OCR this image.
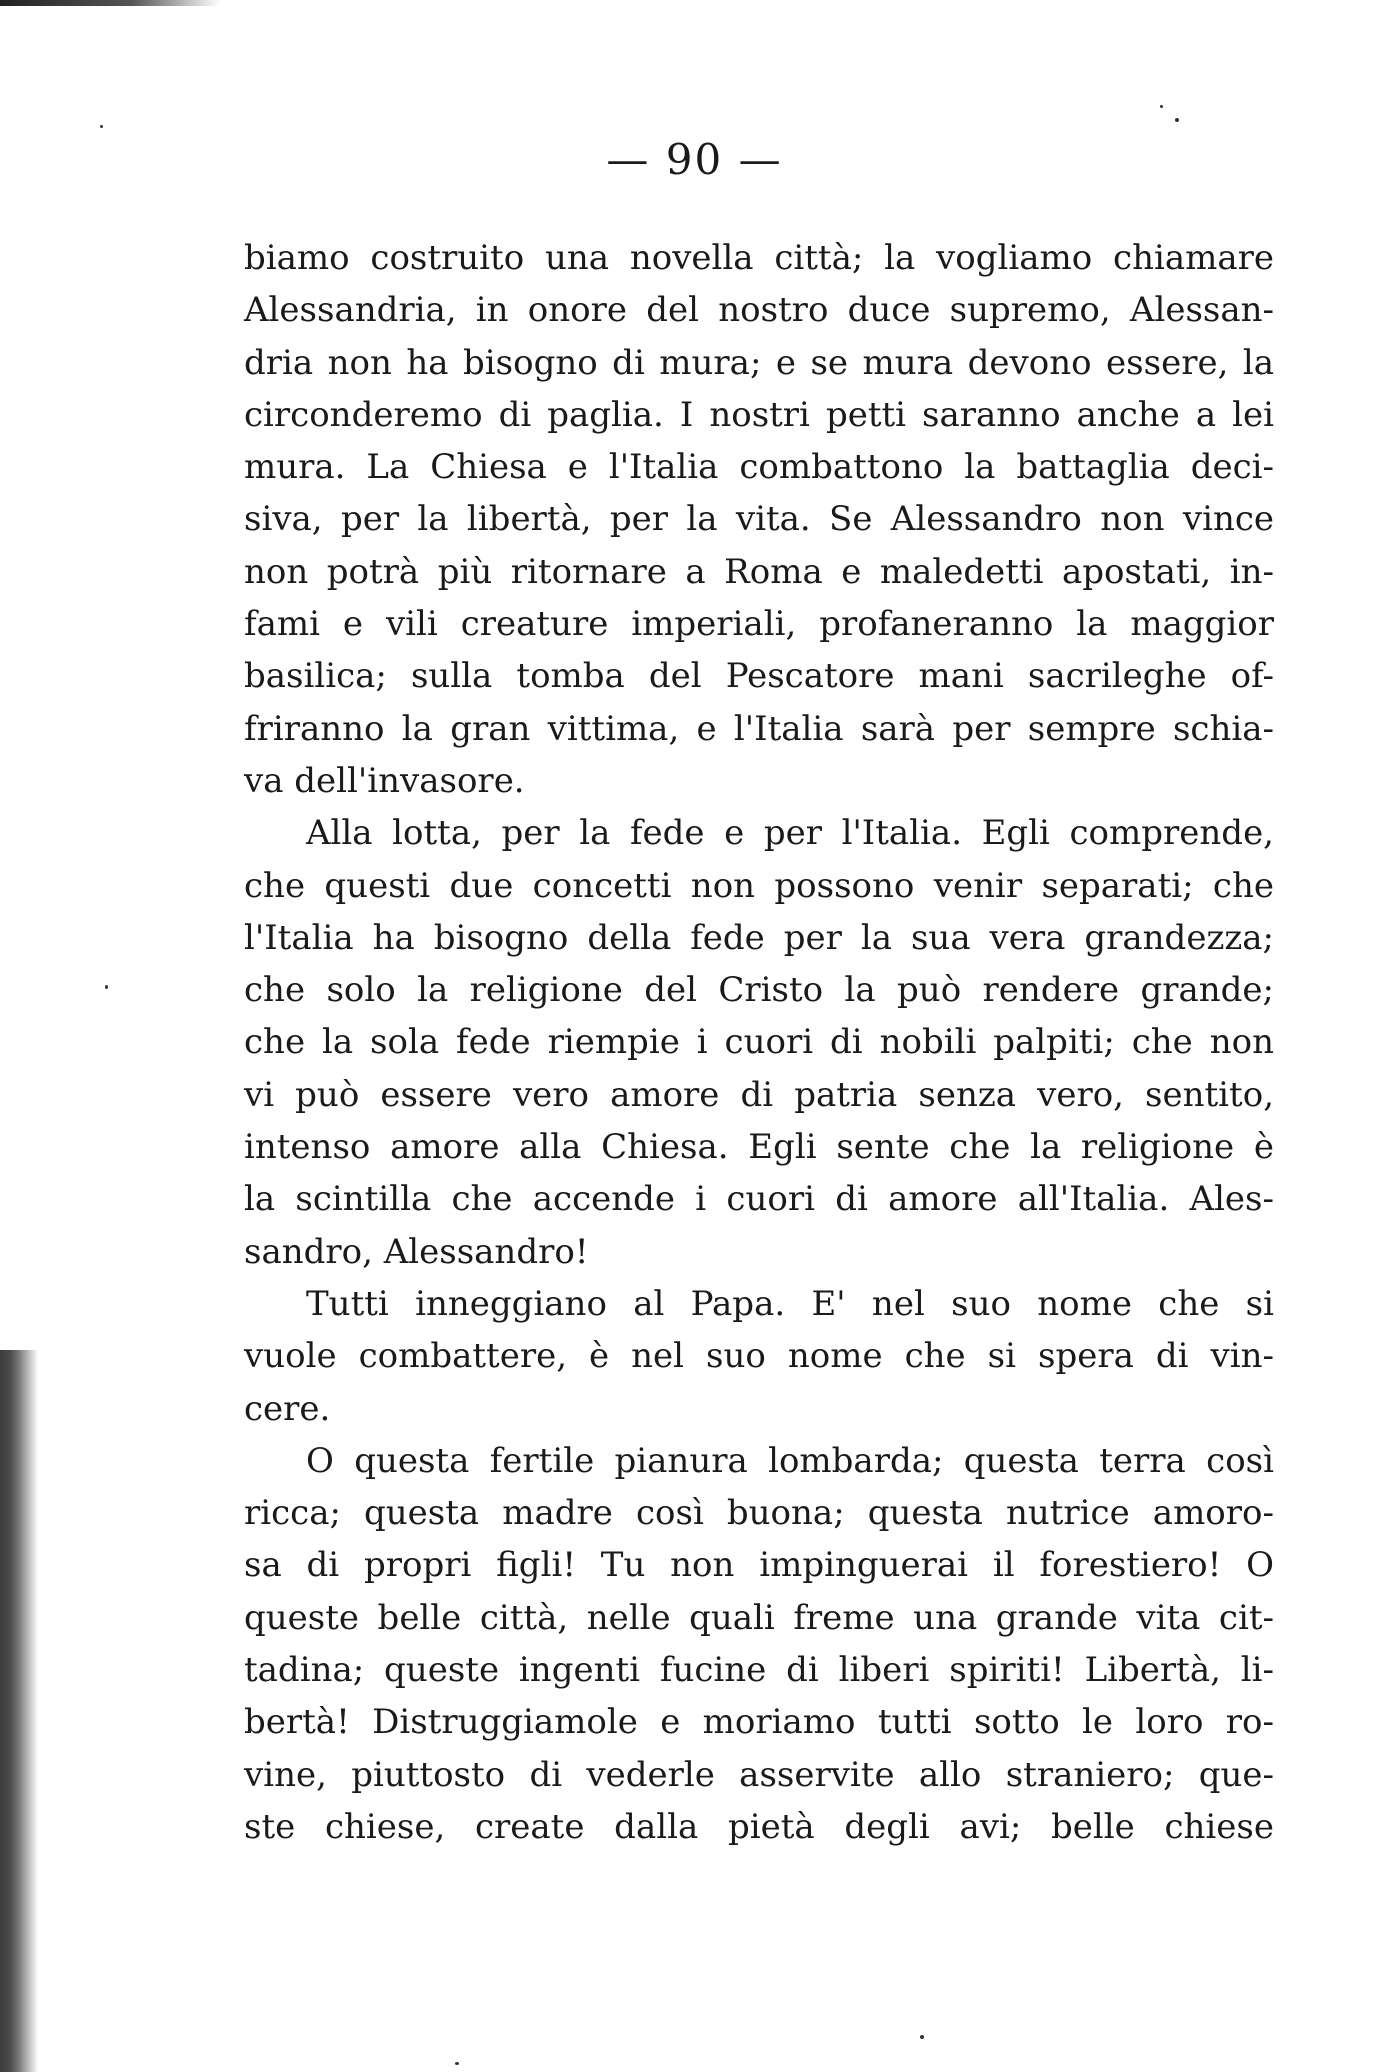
— 90 —
biamo costruito una novella città; la vogliamo chiamare
Alessandria, in onore del nostro duce supremo, Alessan-
dria non ha bisogno di mura; e se mura devono essere, la
circonderemo di paglia. I nostri petti saranno anche a lei
mura. La Chiesa e l'Italia combattono la battaglia deci-
siva, per la libertà, per la vita. Se Alessandro non vince
non potrà più ritornare a Roma e maledetti apostati, in-
fami e vili creature imperiali, profaneranno la maggior
basilica; sulla tomba del Pescatore mani sacrileghe of-
friranno la gran vittima, e l'Italia sarà per sempre schia-
va dell'invasore.
Alla lotta, per la fede e per l'Italia. Egli comprende,
che questi due concetti non possono venir separati; che
l'Italia ha bisogno della fede per la sua vera grandezza;
che solo la religione del Cristo la può rendere grande;
che la sola fede riempie i cuori di nobili palpiti; che non
vi può essere vero amore di patria senza vero, sentito,
intenso amore alla Chiesa. Egli sente che la religione è
la scintilla che accende i cuori di amore all'Italia. Ales-
sandro, Alessandro!
Tutti inneggiano al Papa. E' nel suo nome che si
vuole combattere, è nel suo nome che si spera di vin-
cere.
O questa fertile pianura lombarda; questa terra così
ricca; questa madre così buona; questa nutrice amoro-
sa di propri figli! Tu non impinguerai il forestiero! O
queste belle città, nelle quali freme una grande vita cit-
tadina; queste ingenti fucine di liberi spiriti! Libertà, li-
bertà! Distruggiamole e moriamo tutti sotto le loro ro-
vine, piuttosto di vederle asservite allo straniero; que-
ste chiese, create dalla pietà degli avi; belle chiese
